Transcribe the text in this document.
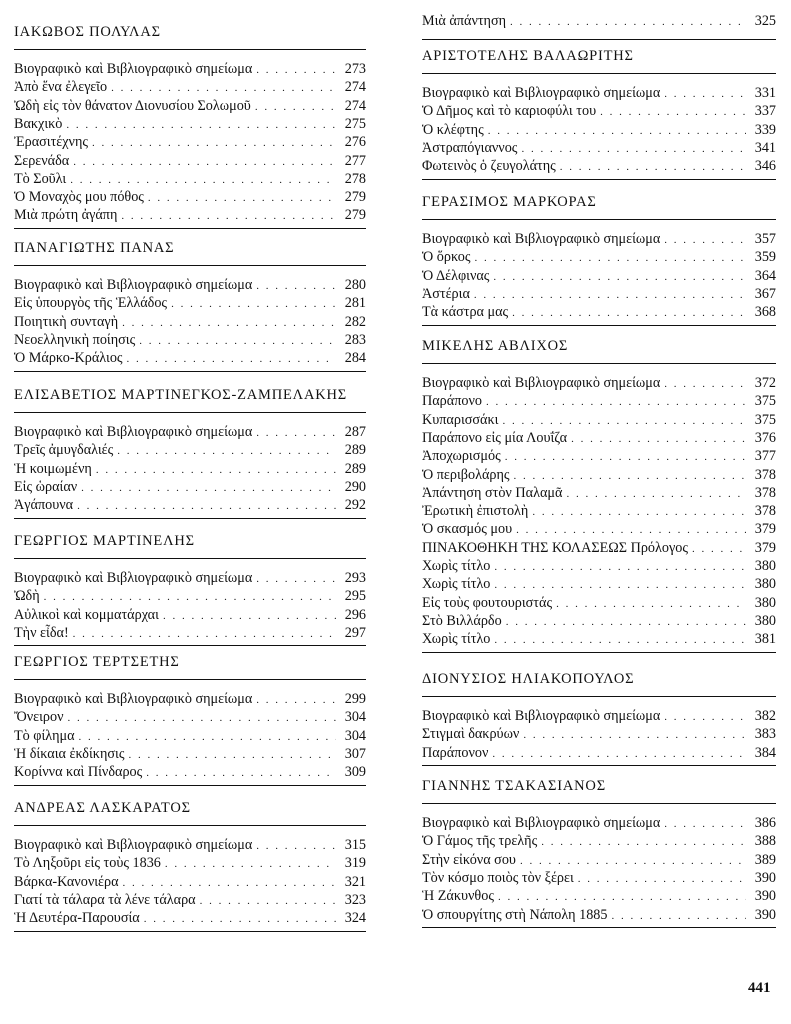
ΙΑΚΩΒΟΣ ΠΟΛΥΛΑΣ
Βιογραφικὸ καὶ Βιβλιογραφικὸ σημείωμα . . .	273
Ἀπὸ ἕνα ἐλεγεῖο . . .	274
Ὠδὴ εἰς τὸν θάνατον Διονυσίου Σολωμοῦ . . .	274
Βακχικὸ . . .	275
Ἐρασιτέχνης . . .	276
Σερενάδα . . .	277
Τὸ Σοῦλι . . .	278
Ὁ Μοναχὸς μου πόθος . . .	279
Μιὰ πρώτη ἀγάπη . . .	279
ΠΑΝΑΓΙΩΤΗΣ ΠΑΝΑΣ
Βιογραφικὸ καὶ Βιβλιογραφικὸ σημείωμα . . .	280
Εἰς ὑπουργὸς τῆς Ἑλλάδος . . .	281
Ποιητικὴ συνταγὴ . . .	282
Νεοελληνικὴ ποίησις . . .	283
Ὁ Μάρκο-Κράλιος . . .	284
ΕΛΙΣΑΒΕΤΙΟΣ ΜΑΡΤΙΝΕΓΚΟΣ-ΖΑΜΠΕΛΑΚΗΣ
Βιογραφικὸ καὶ Βιβλιογραφικὸ σημείωμα . . .	287
Τρεῖς ἀμυγδαλιές . . .	289
Ἡ κοιμωμένη . . .	289
Εἰς ὡραίαν . . .	290
Ἀγάπουνα . . .	292
ΓΕΩΡΓΙΟΣ ΜΑΡΤΙΝΕΛΗΣ
Βιογραφικὸ καὶ Βιβλιογραφικὸ σημείωμα . . .	293
Ὠδὴ . . .	295
Αὐλικοὶ καὶ κομματάρχαι . . .	296
Τὴν εἶδα! . . .	297
ΓΕΩΡΓΙΟΣ ΤΕΡΤΣΕΤΗΣ
Βιογραφικὸ καὶ Βιβλιογραφικὸ σημείωμα . . .	299
Ὄνειρον . . .	304
Τὸ φίλημα . . .	304
Ἡ δίκαια ἐκδίκησις . . .	307
Κορίννα καὶ Πίνδαρος . . .	309
ΑΝΔΡΕΑΣ ΛΑΣΚΑΡΑΤΟΣ
Βιογραφικὸ καὶ Βιβλιογραφικὸ σημείωμα . . .	315
Τὸ Ληξοῦρι εἰς τοὺς 1836 . . .	319
Βάρκα-Κανονιέρα . . .	321
Γιατί τὰ τάλαρα τὰ λένε τάλαρα . . .	323
Ἡ Δευτέρα-Παρουσία . . .	324
Μιὰ ἀπάντηση . . .	325
ΑΡΙΣΤΟΤΕΛΗΣ ΒΑΛΑΩΡΙΤΗΣ
Βιογραφικὸ καὶ Βιβλιογραφικὸ σημείωμα . . .	331
Ὁ Δῆμος καὶ τὸ καριοφύλι του . . .	337
Ὁ κλέφτης . . .	339
Ἀστραπόγιαννος . . .	341
Φωτεινὸς ὁ ζευγολάτης . . .	346
ΓΕΡΑΣΙΜΟΣ ΜΑΡΚΟΡΑΣ
Βιογραφικὸ καὶ Βιβλιογραφικὸ σημείωμα . . .	357
Ὁ ὅρκος . . .	359
Ὁ Δέλφινας . . .	364
Ἀστέρια . . .	367
Τὰ κάστρα μας . . .	368
ΜΙΚΕΛΗΣ ΑΒΛΙΧΟΣ
Βιογραφικὸ καὶ Βιβλιογραφικὸ σημείωμα . . .	372
Παράπονο . . .	375
Κυπαρισσάκι . . .	375
Παράπονο εἰς μία Λουΐζα . . .	376
Ἀποχωρισμός . . .	377
Ὁ περιβολάρης . . .	378
Ἀπάντηση στὸν Παλαμᾶ . . .	378
Ἐρωτικὴ ἐπιστολὴ . . .	378
Ὁ σκασμός μου . . .	379
ΠΙΝΑΚΟΘΗΚΗ ΤΗΣ ΚΟΛΑΣΕΩΣ Πρόλογος . . .	379
Χωρὶς τίτλο . . .	380
Χωρὶς τίτλο . . .	380
Εἰς τοὺς φουτουριστάς . . .	380
Στὸ Βιλλάρδο . . .	380
Χωρὶς τίτλο . . .	381
ΔΙΟΝΥΣΙΟΣ ΗΛΙΑΚΟΠΟΥΛΟΣ
Βιογραφικὸ καὶ Βιβλιογραφικὸ σημείωμα . . .	382
Στιγμαὶ δακρύων . . .	383
Παράπονον . . .	384
ΓΙΑΝΝΗΣ ΤΣΑΚΑΣΙΑΝΟΣ
Βιογραφικὸ καὶ Βιβλιογραφικὸ σημείωμα . . .	386
Ὁ Γάμος τῆς τρελῆς . . .	388
Στὴν εἰκόνα σου . . .	389
Τὸν κόσμο ποιὸς τὸν ξέρει . . .	390
Ἡ Ζάκυνθος . . .	390
Ὁ σπουργίτης στὴ Νάπολη 1885 . . .	390
441
